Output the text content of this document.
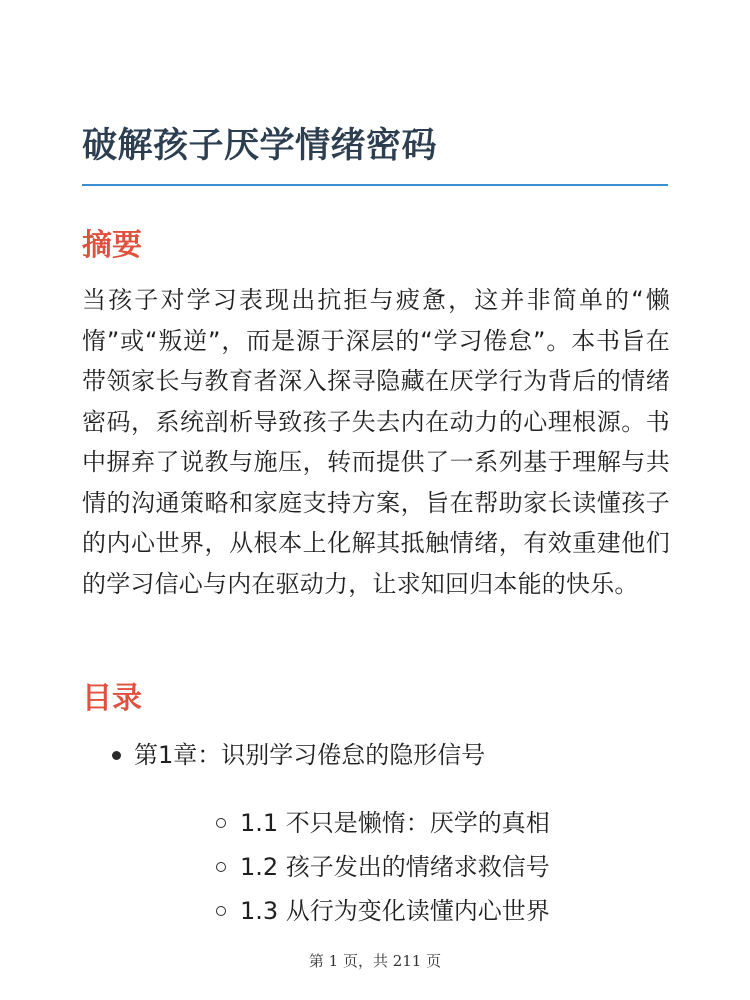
破解孩子厌学情绪密码
摘要

当孩子对学习表现出抗拒与疲惫，这并非简单的“懒惰”或“叛逆”，而是源于深层的“学习倦怠”。本书旨在带领家长与教育者深入探寻隐藏在厌学行为背后的情绪密码，系统剖析导致孩子失去内在动力的心理根源。书中摒弃了说教与施压，转而提供了一系列基于理解与共情的沟通策略和家庭支持方案，旨在帮助家长读懂孩子的内心世界，从根本上化解其抵触情绪，有效重建他们的学习信心与内在驱动力，让求知回归本能的快乐。

目录
第1章：识别学习倦怠的隐形信号
1.1 不只是懒惰：厌学的真相
1.2 孩子发出的情绪求救信号
1.3 从行为变化读懂内心世界
第 1 页，共 211 页
